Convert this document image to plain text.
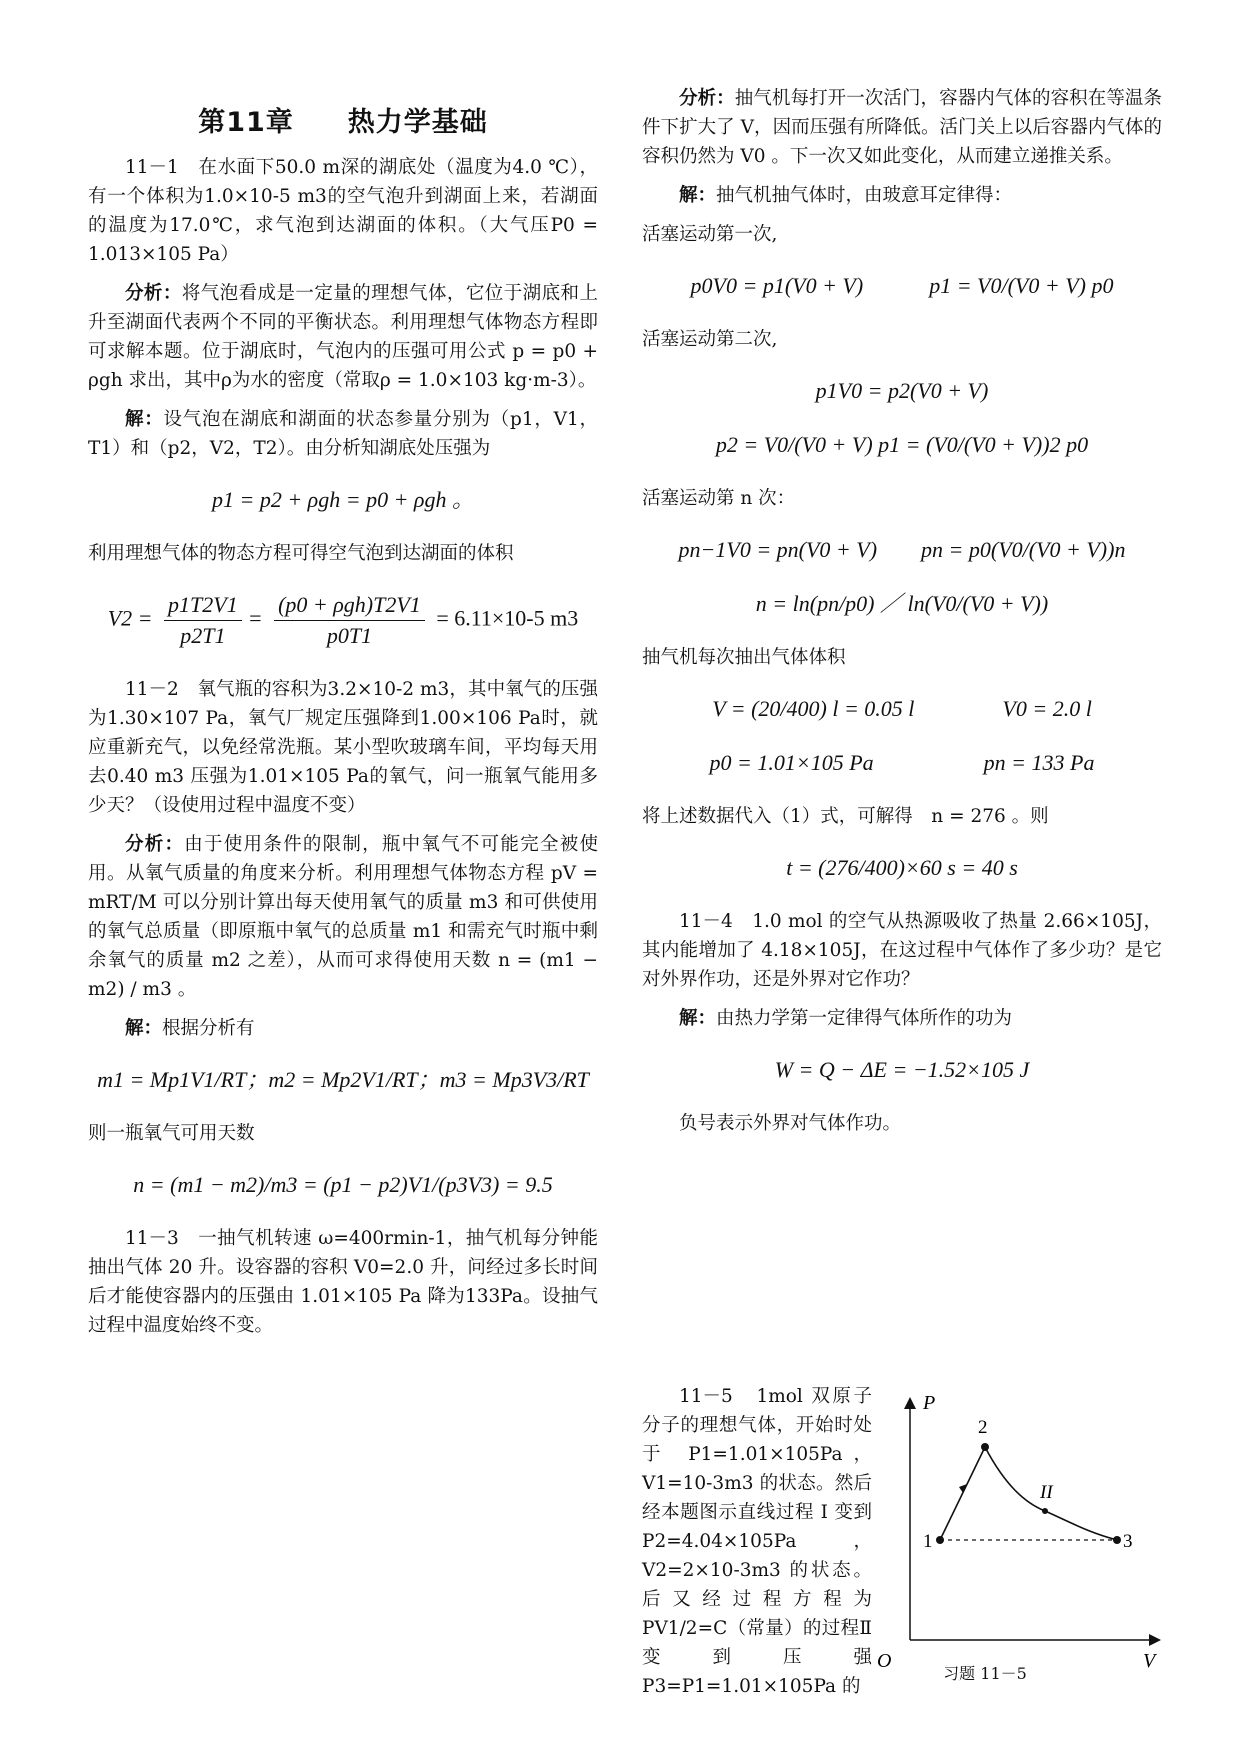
第11章 热力学基础

11－1　在水面下50.0 m深的湖底处（温度为4.0 ℃），有一个体积为1.0×10-5 m3的空气泡升到湖面上来，若湖面的温度为17.0℃，求气泡到达湖面的体积。（大气压P0 = 1.013×105 Pa）

分析：将气泡看成是一定量的理想气体，它位于湖底和上升至湖面代表两个不同的平衡状态。利用理想气体物态方程即可求解本题。位于湖底时，气泡内的压强可用公式 p = p0 + ρgh 求出，其中ρ为水的密度（常取ρ = 1.0×103 kg·m-3）。

解：设气泡在湖底和湖面的状态参量分别为（p1，V1，T1）和（p2，V2，T2）。由分析知湖底处压强为

p1 = p2 + ρgh = p0 + ρgh 。

利用理想气体的物态方程可得空气泡到达湖面的体积

$V2 = \frac{p1T2V1}{p2T1} = \frac{\text{(p0 + ρgh)T2V1}}{p0T1} = 6.11\times 10-5$ m3

11－2　氧气瓶的容积为3.2×10-2 m3，其中氧气的压强为1.30×107 Pa，氧气厂规定压强降到1.00×106 Pa时，就应重新充气，以免经常洗瓶。某小型吹玻璃车间，平均每天用去0.40 m3 压强为1.01×105 Pa的氧气，问一瓶氧气能用多少天？（设使用过程中温度不变）

分析：由于使用条件的限制，瓶中氧气不可能完全被使用。从氧气质量的角度来分析。利用理想气体物态方程 pV = mRT/M 可以分别计算出每天使用氧气的质量 m3 和可供使用的氧气总质量（即原瓶中氧气的总质量 m1 和需充气时瓶中剩余氧气的质量 m2 之差），从而可求得使用天数 n = (m1 − m2) / m3 。

解：根据分析有

m1 = Mp1V1/RT；m2 = Mp2V1/RT；m3 = Mp3V3/RT

则一瓶氧气可用天数

n = (m1 − m2)/m3 = (p1 − p2)V1/(p3V3) = 9.5

11－3　一抽气机转速 ω=400rmin-1，抽气机每分钟能抽出气体 20 升。设容器的容积 V0=2.0 升，问经过多长时间后才能使容器内的压强由 1.01×105 Pa 降为133Pa。设抽气过程中温度始终不变。

分析：抽气机每打开一次活门，容器内气体的容积在等温条件下扩大了 V，因而压强有所降低。活门关上以后容器内气体的容积仍然为 V0 。下一次又如此变化，从而建立递推关系。

解：抽气机抽气体时，由玻意耳定律得：

活塞运动第一次,

p0V0 = p1(V0 + V)　　　p1 = V0/(V0 + V) p0

活塞运动第二次,

p1V0 = p2(V0 + V)
p2 = V0/(V0 + V) p1 = (V0/(V0 + V))2 p0

活塞运动第 n 次：

pn−1V0 = pn(V0 + V)　　pn = p0(V0/(V0 + V))n
n = ln(pn/p0) ／ ln(V0/(V0 + V))

抽气机每次抽出气体体积

V = (20/400) l = 0.05 l　　　　V0 = 2.0 l
p0 = 1.01×105 Pa　　　　　pn = 133 Pa

将上述数据代入（1）式，可解得　n = 276 。则

t = (276/400)×60 s = 40 s

11－4　1.0 mol 的空气从热源吸收了热量 2.66×105J，其内能增加了 4.18×105J，在这过程中气体作了多少功？是它对外界作功，还是外界对它作功？

解：由热力学第一定律得气体所作的功为

W = Q − ΔE = −1.52×105 J

负号表示外界对气体作功。

11－5　1mol 双原子分子的理想气体，开始时处于 P1=1.01×105Pa，V1=10-3m3 的状态。然后经本题图示直线过程 I 变到 P2=4.04×105Pa，V2=2×10-3m3 的状态。后又经过程方程为 PV1/2=C（常量）的过程Ⅱ变到压强 P3=P1=1.01×105Pa 的
P
V
O
1
2
3
II
习题 11－5
